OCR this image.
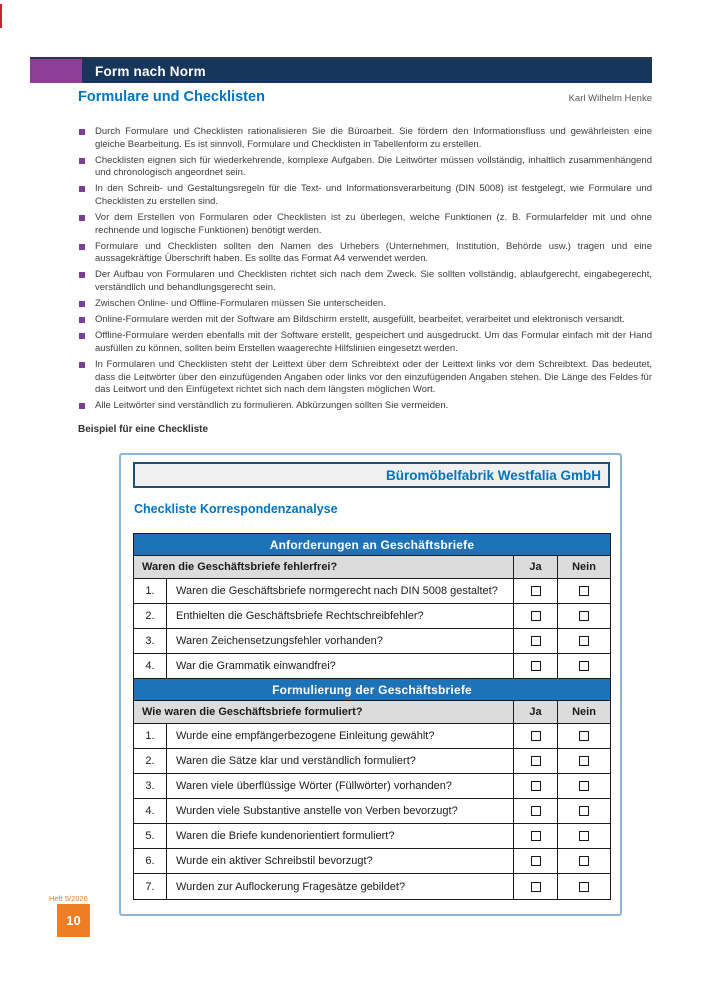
Form nach Norm
Formulare und Checklisten	Karl Wilhelm Henke

Durch Formulare und Checklisten rationalisieren Sie die Büroarbeit. Sie fördern den Informationsfluss und gewährleisten eine gleiche Bearbeitung. Es ist sinnvoll, Formulare und Checklisten in Tabellenform zu erstellen.

Checklisten eignen sich für wiederkehrende, komplexe Aufgaben. Die Leitwörter müssen vollständig, inhaltlich zusammenhängend und chronologisch angeordnet sein.

In den Schreib- und Gestaltungsregeln für die Text- und Informationsverarbeitung (DIN 5008) ist festgelegt, wie Formulare und Checklisten zu erstellen sind.

Vor dem Erstellen von Formularen oder Checklisten ist zu überlegen, welche Funktionen (z. B. Formularfelder mit und ohne rechnende und logische Funktionen) benötigt werden.

Formulare und Checklisten sollten den Namen des Urhebers (Unternehmen, Institution, Behörde usw.) tragen und eine aussagekräftige Überschrift haben. Es sollte das Format A4 verwendet werden.

Der Aufbau von Formularen und Checklisten richtet sich nach dem Zweck. Sie sollten vollständig, ablaufgerecht, eingabegerecht, verständlich und behandlungsgerecht sein.

Zwischen Online- und Offline-Formularen müssen Sie unterscheiden.

Online-Formulare werden mit der Software am Bildschirm erstellt, ausgefüllt, bearbeitet, verarbeitet und elektronisch versandt.

Offline-Formulare werden ebenfalls mit der Software erstellt, gespeichert und ausgedruckt. Um das Formular einfach mit der Hand ausfüllen zu können, sollten beim Erstellen waagerechte Hilfslinien eingesetzt werden.

In Formularen und Checklisten steht der Leittext über dem Schreibtext oder der Leittext links vor dem Schreibtext. Das bedeutet, dass die Leitwörter über den einzufügenden Angaben oder links vor den einzufügenden Angaben stehen. Die Länge des Feldes für das Leitwort und den Einfügetext richtet sich nach dem längsten möglichen Wort.

Alle Leitwörter sind verständlich zu formulieren. Abkürzungen sollten Sie vermeiden.

Beispiel für eine Checkliste
Büromöbelfabrik Westfalia GmbH
Checkliste Korrespondenzanalyse
Anforderungen an Geschäftsbriefe
Waren die Geschäftsbriefe fehlerfrei?	Ja	Nein
1.	Waren die Geschäftsbriefe normgerecht nach DIN 5008 gestaltet?
2.	Enthielten die Geschäftsbriefe Rechtschreibfehler?
3.	Waren Zeichensetzungsfehler vorhanden?
4.	War die Grammatik einwandfrei?
Formulierung der Geschäftsbriefe
Wie waren die Geschäftsbriefe formuliert?	Ja	Nein
1.	Wurde eine empfängerbezogene Einleitung gewählt?
2.	Waren die Sätze klar und verständlich formuliert?
3.	Waren viele überflüssige Wörter (Füllwörter) vorhanden?
4.	Wurden viele Substantive anstelle von Verben bevorzugt?
5.	Waren die Briefe kundenorientiert formuliert?
6.	Wurde ein aktiver Schreibstil bevorzugt?
7.	Wurden zur Auflockerung Fragesätze gebildet?
Heft 5/2026
10
